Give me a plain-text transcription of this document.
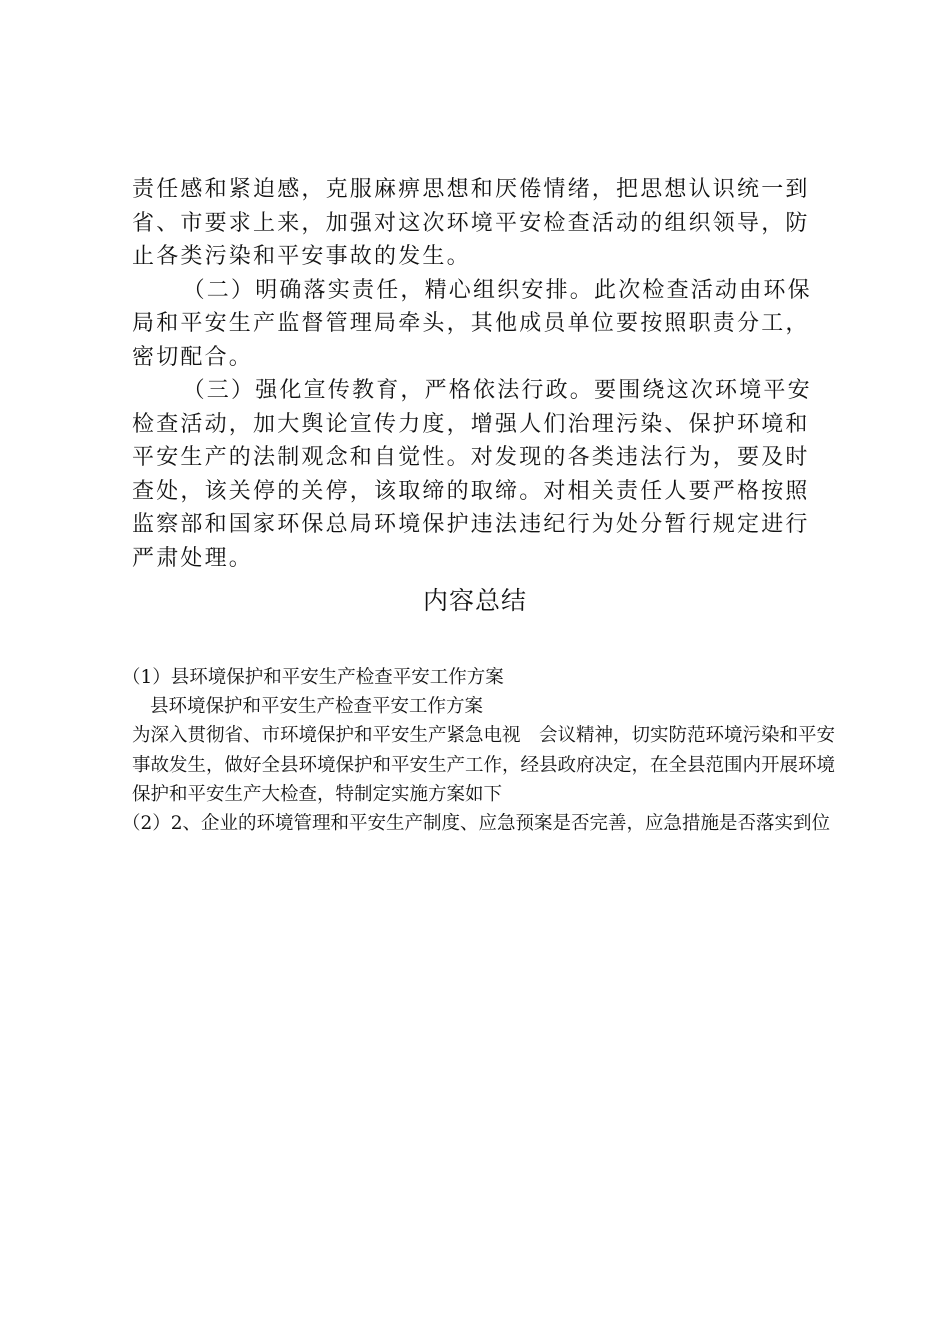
责任感和紧迫感，克服麻痹思想和厌倦情绪，把思想认识统一到省、市要求上来，加强对这次环境平安检查活动的组织领导，防止各类污染和平安事故的发生。

（二）明确落实责任，精心组织安排。此次检查活动由环保局和平安生产监督管理局牵头，其他成员单位要按照职责分工，密切配合。

（三）强化宣传教育，严格依法行政。要围绕这次环境平安检查活动，加大舆论宣传力度，增强人们治理污染、保护环境和平安生产的法制观念和自觉性。对发现的各类违法行为，要及时查处，该关停的关停，该取缔的取缔。对相关责任人要严格按照监察部和国家环保总局环境保护违法违纪行为处分暂行规定进行严肃处理。

内容总结

（1）县环境保护和平安生产检查平安工作方案

县环境保护和平安生产检查平安工作方案

为深入贯彻省、市环境保护和平安生产紧急电视　会议精神，切实防范环境污染和平安事故发生，做好全县环境保护和平安生产工作，经县政府决定，在全县范围内开展环境保护和平安生产大检查，特制定实施方案如下

（2）2、企业的环境管理和平安生产制度、应急预案是否完善，应急措施是否落实到位
